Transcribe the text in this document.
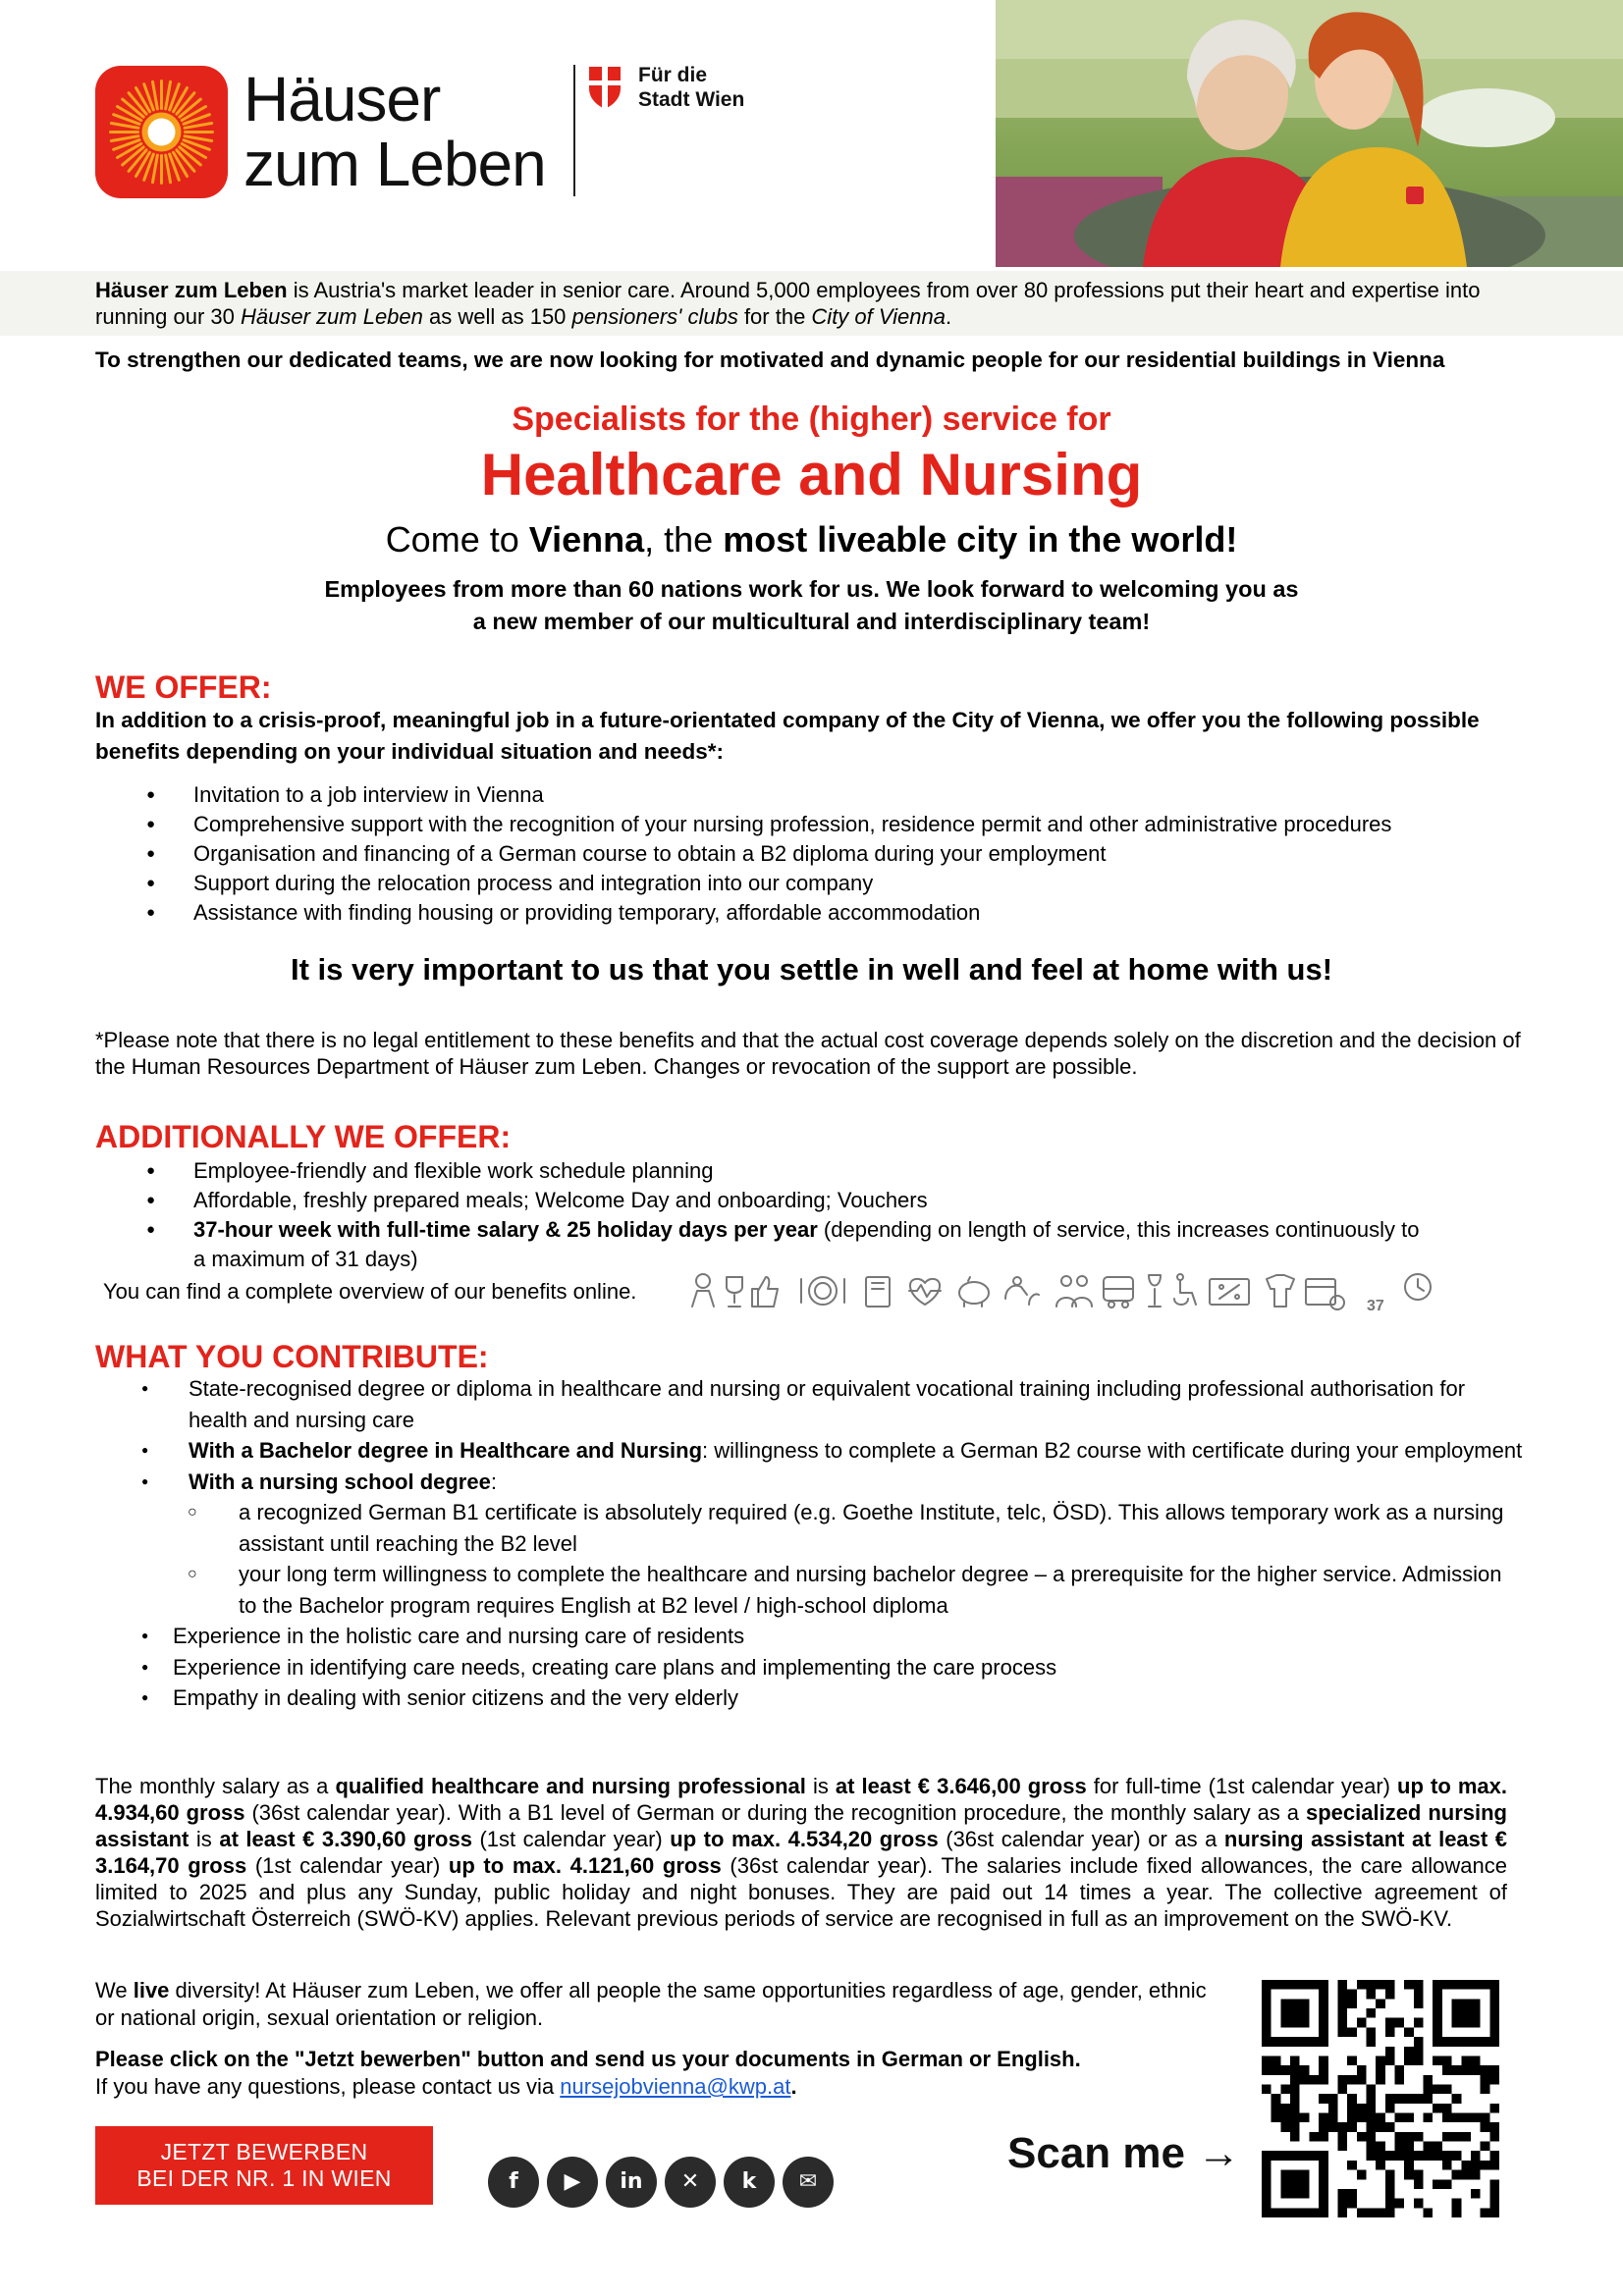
Häuser
zum Leben
Für die
Stadt Wien
Häuser zum Leben is Austria's market leader in senior care. Around 5,000 employees from over 80 professions put their heart and expertise into running our 30 Häuser zum Leben as well as 150 pensioners' clubs for the City of Vienna.
To strengthen our dedicated teams, we are now looking for motivated and dynamic people for our residential buildings in Vienna
Specialists for the (higher) service for
Healthcare and Nursing
Come to Vienna, the most liveable city in the world!
Employees from more than 60 nations work for us. We look forward to welcoming you as
a new member of our multicultural and interdisciplinary team!
WE OFFER:
In addition to a crisis-proof, meaningful job in a future-orientated company of the City of Vienna, we offer you the following possible benefits depending on your individual situation and needs*:
● Invitation to a job interview in Vienna
● Comprehensive support with the recognition of your nursing profession, residence permit and other administrative procedures
● Organisation and financing of a German course to obtain a B2 diploma during your employment
● Support during the relocation process and integration into our company
● Assistance with finding housing or providing temporary, affordable accommodation
It is very important to us that you settle in well and feel at home with us!
*Please note that there is no legal entitlement to these benefits and that the actual cost coverage depends solely on the discretion and the decision of the Human Resources Department of Häuser zum Leben. Changes or revocation of the support are possible.
ADDITIONALLY WE OFFER:
● Employee-friendly and flexible work schedule planning
● Affordable, freshly prepared meals; Welcome Day and onboarding; Vouchers
● 37-hour week with full-time salary & 25 holiday days per year (depending on length of service, this increases continuously to a maximum of 31 days)
You can find a complete overview of our benefits online.
37
WHAT YOU CONTRIBUTE:
● State-recognised degree or diploma in healthcare and nursing or equivalent vocational training including professional authorisation for health and nursing care
● With a Bachelor degree in Healthcare and Nursing: willingness to complete a German B2 course with certificate during your employment
● With a nursing school degree:
○ a recognized German B1 certificate is absolutely required (e.g. Goethe Institute, telc, ÖSD). This allows temporary work as a nursing assistant until reaching the B2 level
○ your long term willingness to complete the healthcare and nursing bachelor degree – a prerequisite for the higher service. Admission to the Bachelor program requires English at B2 level / high-school diploma
● Experience in the holistic care and nursing care of residents
● Experience in identifying care needs, creating care plans and implementing the care process
● Empathy in dealing with senior citizens and the very elderly
The monthly salary as a qualified healthcare and nursing professional is at least € 3.646,00 gross for full-time (1st calendar year) up to max. 4.934,60 gross (36st calendar year). With a B1 level of German or during the recognition procedure, the monthly salary as a specialized nursing assistant is at least € 3.390,60 gross (1st calendar year) up to max. 4.534,20 gross (36st calendar year) or as a nursing assistant at least € 3.164,70 gross (1st calendar year) up to max. 4.121,60 gross (36st calendar year). The salaries include fixed allowances, the care allowance limited to 2025 and plus any Sunday, public holiday and night bonuses. They are paid out 14 times a year. The collective agreement of Sozialwirtschaft Österreich (SWÖ-KV) applies. Relevant previous periods of service are recognised in full as an improvement on the SWÖ-KV.
We live diversity! At Häuser zum Leben, we offer all people the same opportunities regardless of age, gender, ethnic or national origin, sexual orientation or religion.
Please click on the "Jetzt bewerben" button and send us your documents in German or English.
If you have any questions, please contact us via nursejobvienna@kwp.at.
JETZT BEWERBEN
BEI DER NR. 1 IN WIEN	f	▶	in	✕	k	✉
Scan me →
